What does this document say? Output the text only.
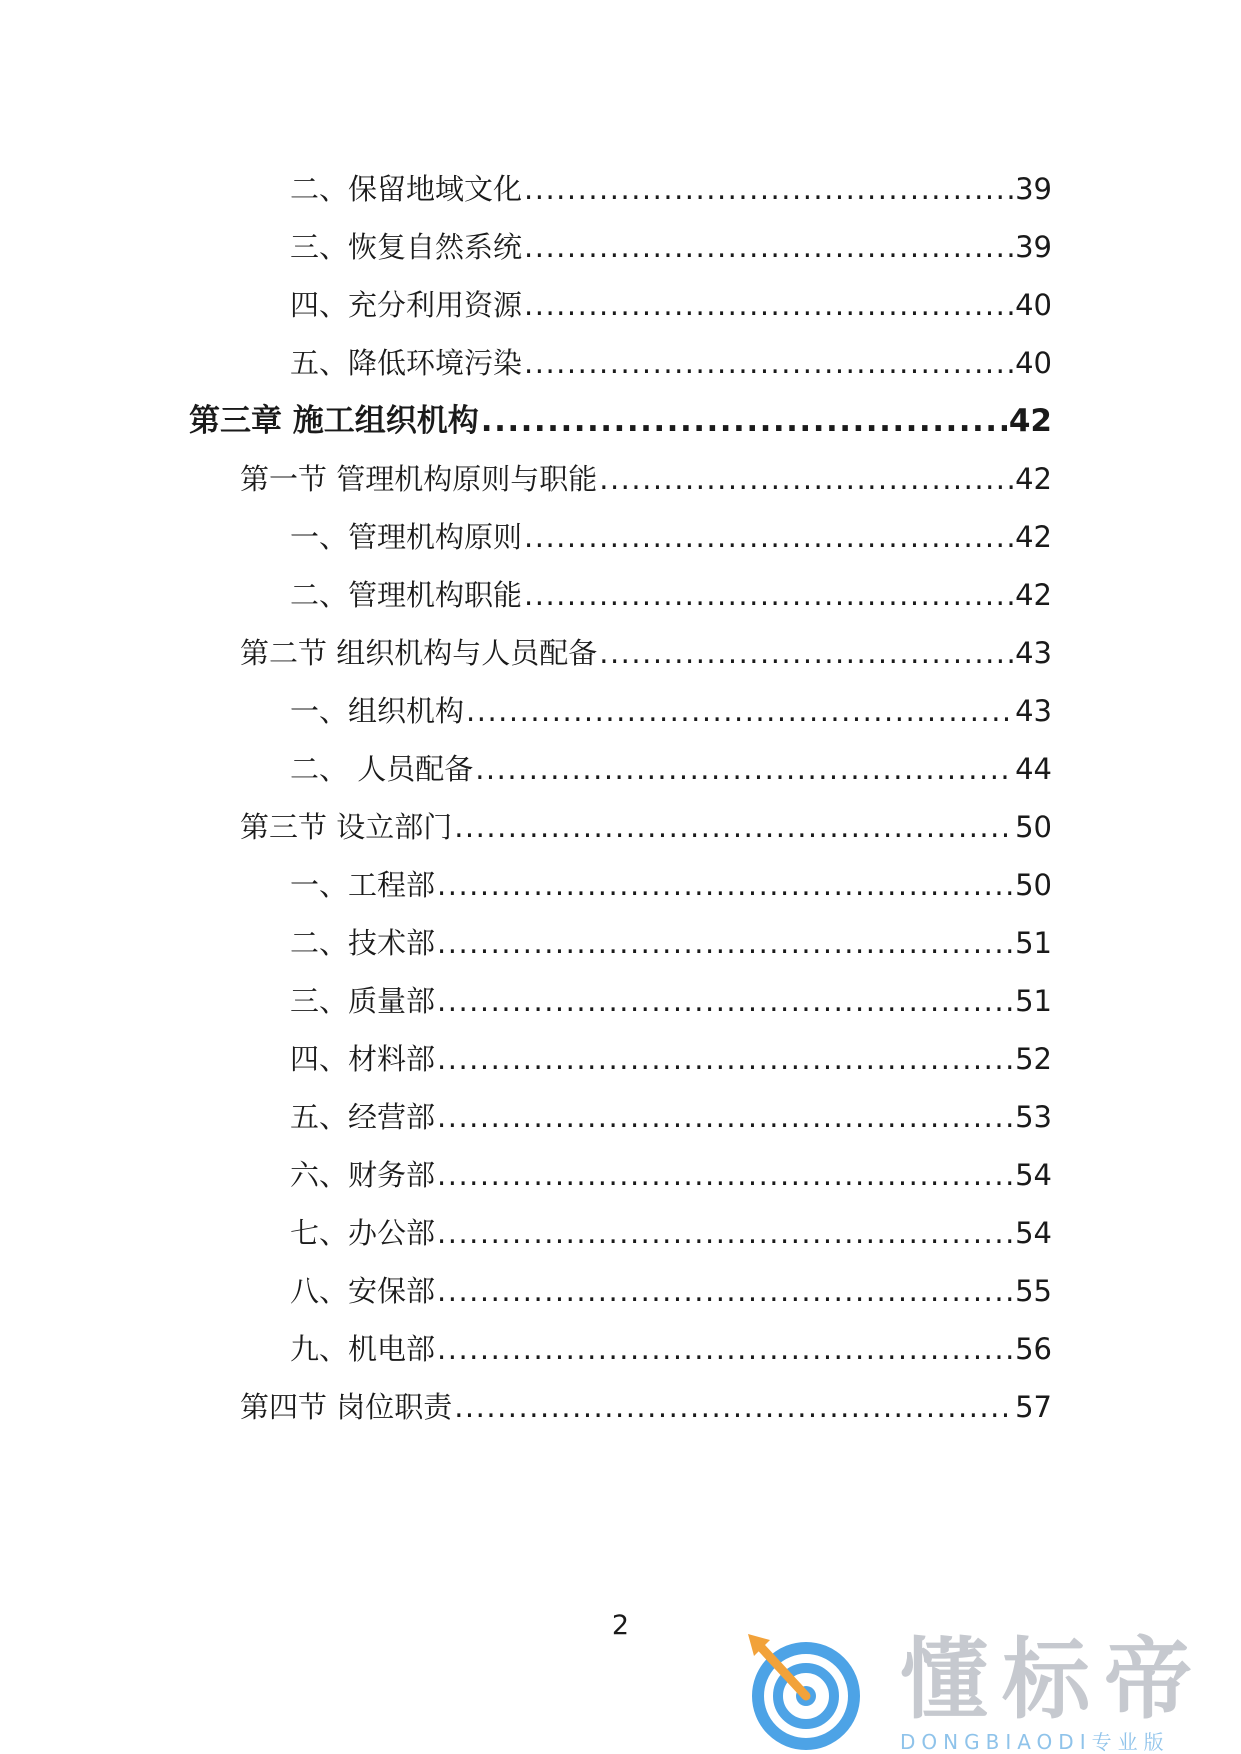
二、保留地域文化 .....	39
三、恢复自然系统 .....	39
四、充分利用资源 .....	40
五、降低环境污染 .....	40
第三章 施工组织机构 .....	42
第一节 管理机构原则与职能 .....	42
一、管理机构原则 .....	42
二、管理机构职能 .....	42
第二节 组织机构与人员配备 .....	43
一、组织机构 .....	43
二、 人员配备 .....	44
第三节 设立部门 .....	50
一、工程部 .....	50
二、技术部 .....	51
三、质量部 .....	51
四、材料部 .....	52
五、经营部 .....	53
六、财务部 .....	54
七、办公部 .....	54
八、安保部 .....	55
九、机电部 .....	56
第四节 岗位职责 .....	57
2
懂标帝
DONGBIAODI专业版
